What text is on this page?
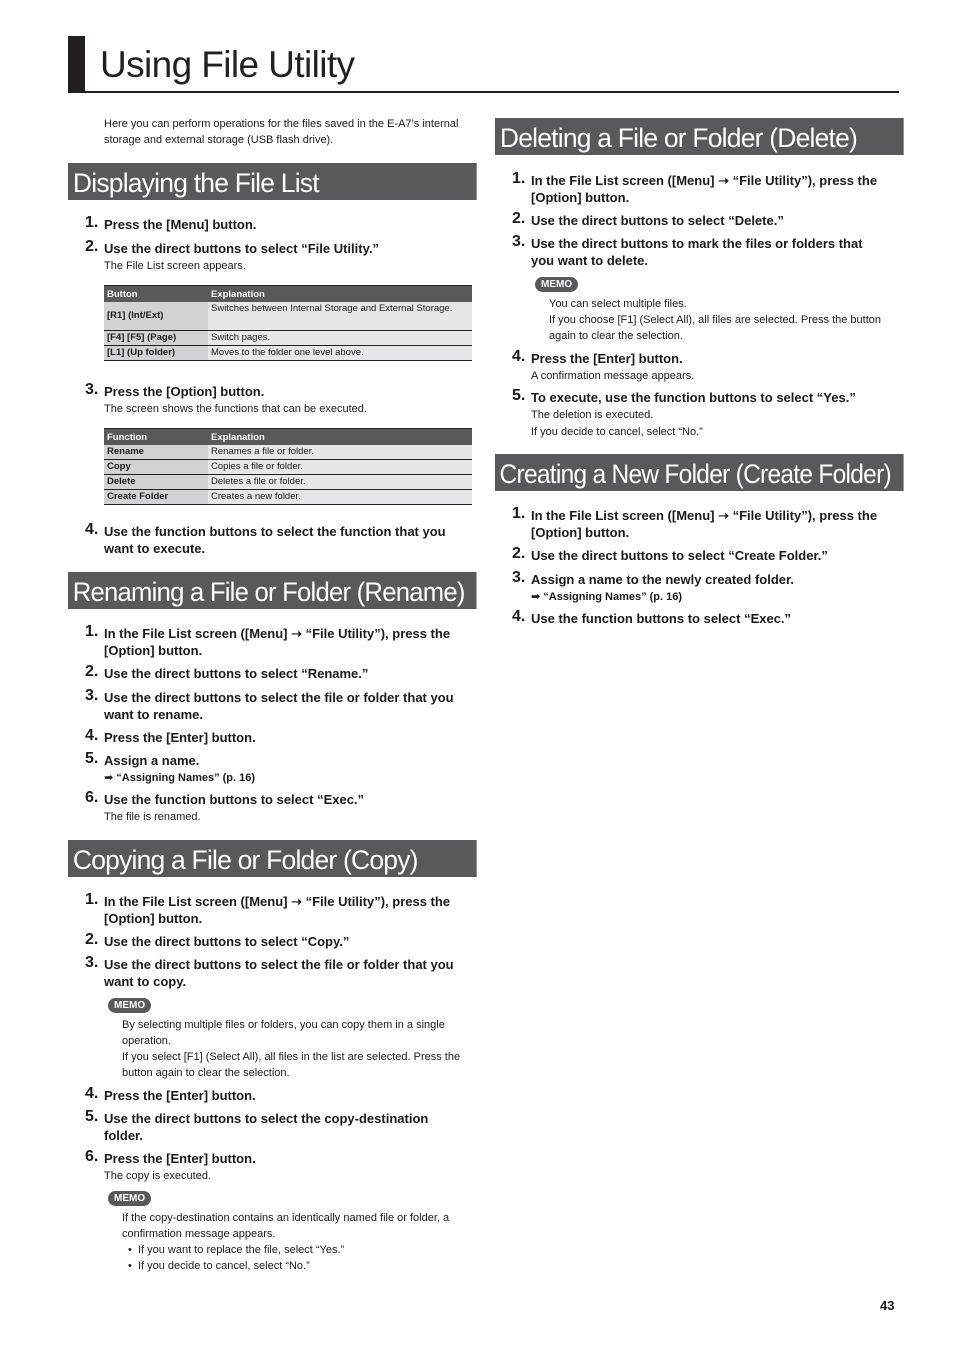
Using File Utility
Here you can perform operations for the files saved in the E-A7’s internal storage and external storage (USB flash drive).
Displaying the File List
1. Press the [Menu] button.
2. Use the direct buttons to select “File Utility.”
The File List screen appears.
Button	Explanation
[R1] (Int/Ext)	Switches between Internal Storage and External Storage.
[F4] [F5] (Page)	Switch pages.
[L1] (Up folder)	Moves to the folder one level above.
3. Press the [Option] button.
The screen shows the functions that can be executed.
Function	Explanation
Rename	Renames a file or folder.
Copy	Copies a file or folder.
Delete	Deletes a file or folder.
Create Folder	Creates a new folder.
4. Use the function buttons to select the function that you want to execute.
Renaming a File or Folder (Rename)
1. In the File List screen ([Menu] ➝ “File Utility”), press the [Option] button.
2. Use the direct buttons to select “Rename.”
3. Use the direct buttons to select the file or folder that you want to rename.
4. Press the [Enter] button.
5. Assign a name.
➡ “Assigning Names” (p. 16)
6. Use the function buttons to select “Exec.”
The file is renamed.
Copying a File or Folder (Copy)
1. In the File List screen ([Menu] ➝ “File Utility”), press the [Option] button.
2. Use the direct buttons to select “Copy.”
3. Use the direct buttons to select the file or folder that you want to copy.
MEMO
By selecting multiple files or folders, you can copy them in a single operation.
If you select [F1] (Select All), all files in the list are selected. Press the button again to clear the selection.
4. Press the [Enter] button.
5. Use the direct buttons to select the copy-destination folder.
6. Press the [Enter] button.
The copy is executed.
MEMO
If the copy-destination contains an identically named file or folder, a confirmation message appears.
•  If you want to replace the file, select “Yes.”
•  If you decide to cancel, select “No.”
Deleting a File or Folder (Delete)
1. In the File List screen ([Menu] ➝ “File Utility”), press the [Option] button.
2. Use the direct buttons to select “Delete.”
3. Use the direct buttons to mark the files or folders that you want to delete.
MEMO
You can select multiple files.
If you choose [F1] (Select All), all files are selected. Press the button again to clear the selection.
4. Press the [Enter] button.
A confirmation message appears.
5. To execute, use the function buttons to select “Yes.”
The deletion is executed.
If you decide to cancel, select “No.”
Creating a New Folder (Create Folder)
1. In the File List screen ([Menu] ➝ “File Utility”), press the [Option] button.
2. Use the direct buttons to select “Create Folder.”
3. Assign a name to the newly created folder.
➡ “Assigning Names” (p. 16)
4. Use the function buttons to select “Exec.”
43
